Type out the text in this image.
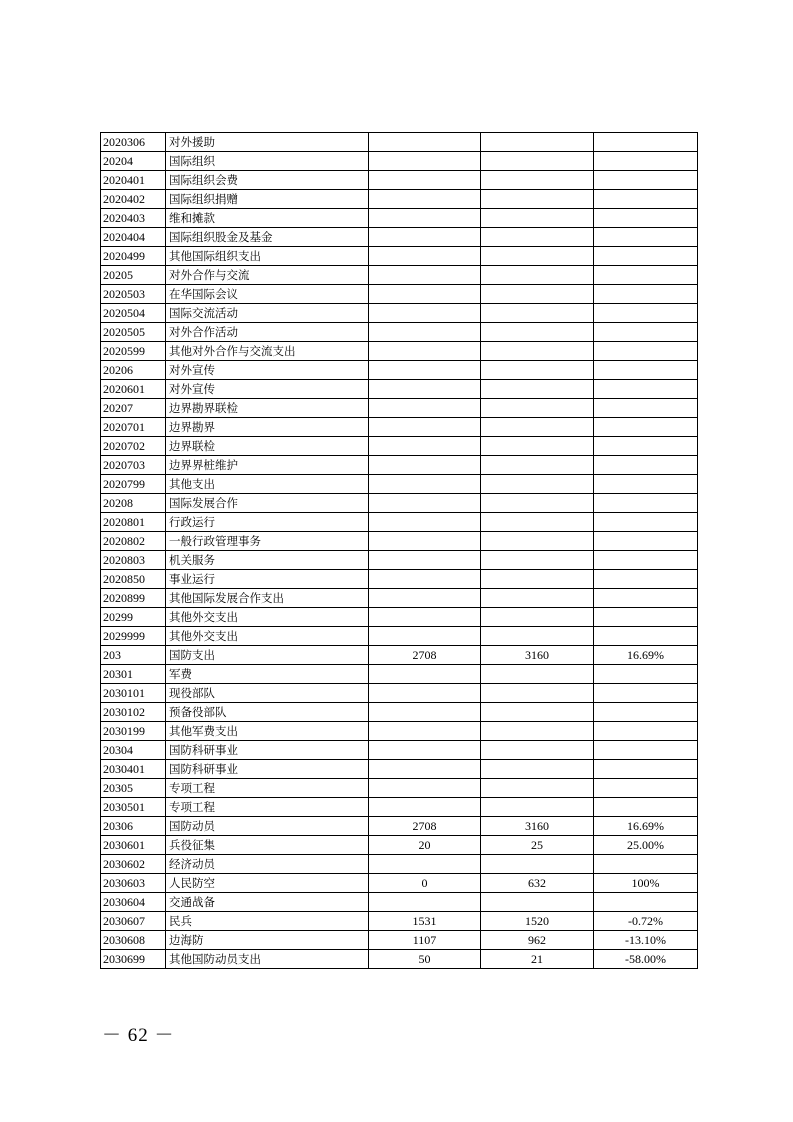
2020306	对外援助			
20204	国际组织			
2020401	国际组织会费			
2020402	国际组织捐赠			
2020403	维和摊款			
2020404	国际组织股金及基金			
2020499	其他国际组织支出			
20205	对外合作与交流			
2020503	在华国际会议			
2020504	国际交流活动			
2020505	对外合作活动			
2020599	其他对外合作与交流支出			
20206	对外宣传			
2020601	对外宣传			
20207	边界勘界联检			
2020701	边界勘界			
2020702	边界联检			
2020703	边界界桩维护			
2020799	其他支出			
20208	国际发展合作			
2020801	行政运行			
2020802	一般行政管理事务			
2020803	机关服务			
2020850	事业运行			
2020899	其他国际发展合作支出			
20299	其他外交支出			
2029999	其他外交支出			
203	国防支出	2708	3160	16.69%
20301	军费			
2030101	现役部队			
2030102	预备役部队			
2030199	其他军费支出			
20304	国防科研事业			
2030401	国防科研事业			
20305	专项工程			
2030501	专项工程			
20306	国防动员	2708	3160	16.69%
2030601	兵役征集	20	25	25.00%
2030602	经济动员			
2030603	人民防空	0	632	100%
2030604	交通战备			
2030607	民兵	1531	1520	-0.72%
2030608	边海防	1107	962	-13.10%
2030699	其他国防动员支出	50	21	-58.00%
－ 62 －
